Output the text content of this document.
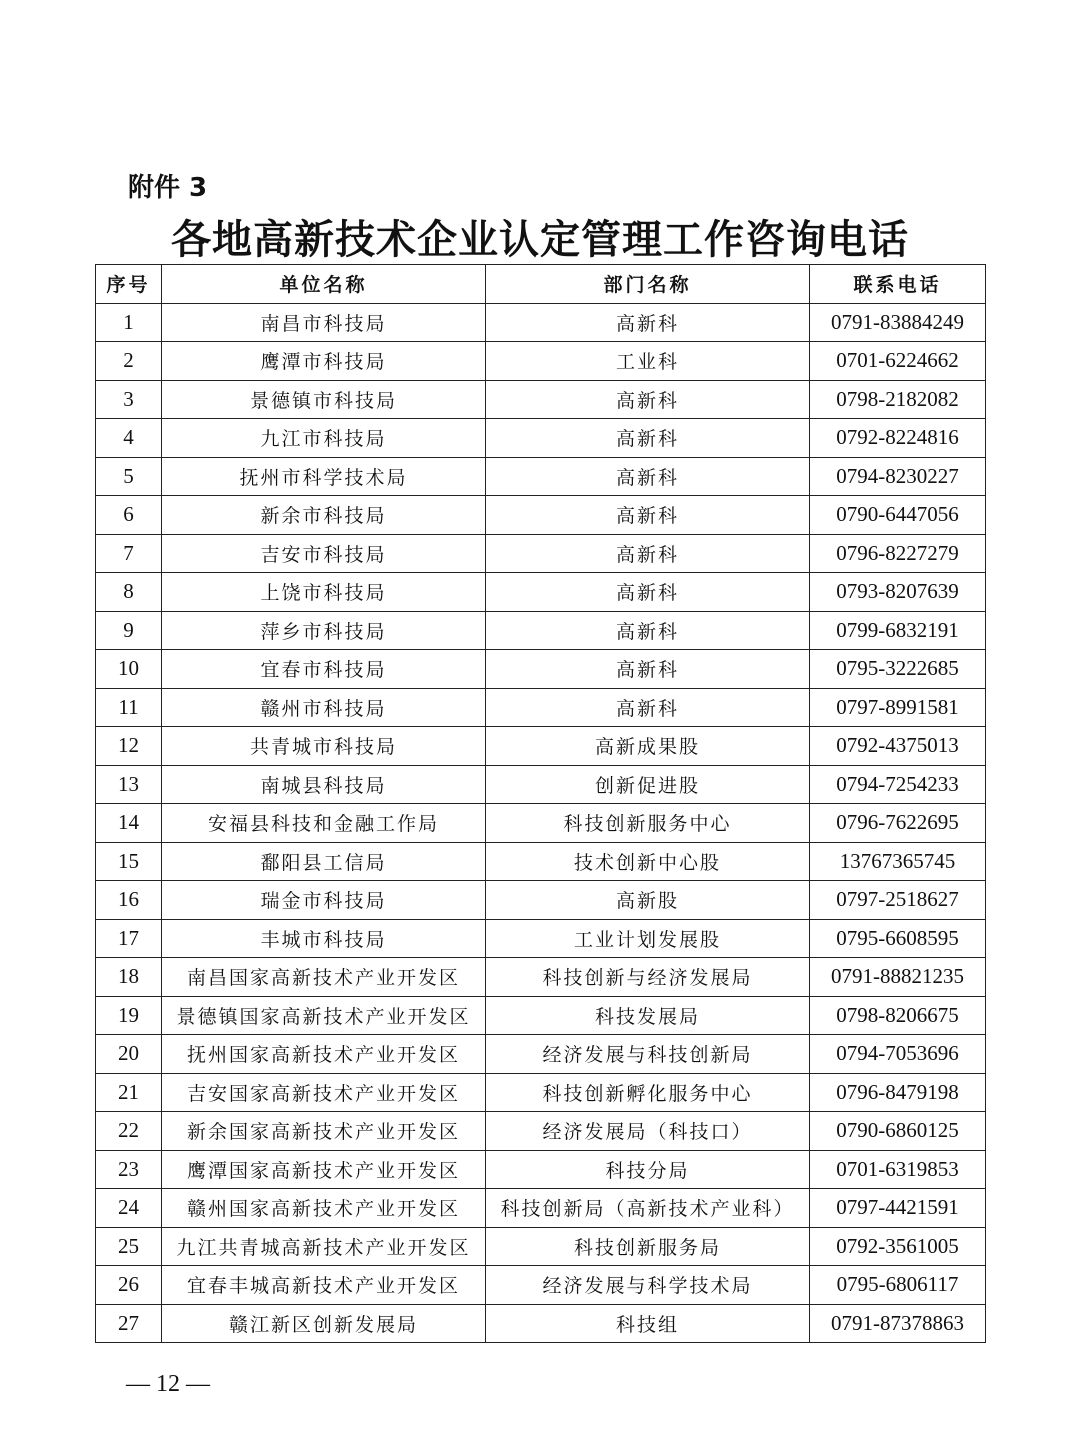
附件 3
各地高新技术企业认定管理工作咨询电话
序号	单位名称	部门名称	联系电话
1	南昌市科技局	高新科	0791-83884249
2	鹰潭市科技局	工业科	0701-6224662
3	景德镇市科技局	高新科	0798-2182082
4	九江市科技局	高新科	0792-8224816
5	抚州市科学技术局	高新科	0794-8230227
6	新余市科技局	高新科	0790-6447056
7	吉安市科技局	高新科	0796-8227279
8	上饶市科技局	高新科	0793-8207639
9	萍乡市科技局	高新科	0799-6832191
10	宜春市科技局	高新科	0795-3222685
11	赣州市科技局	高新科	0797-8991581
12	共青城市科技局	高新成果股	0792-4375013
13	南城县科技局	创新促进股	0794-7254233
14	安福县科技和金融工作局	科技创新服务中心	0796-7622695
15	鄱阳县工信局	技术创新中心股	13767365745
16	瑞金市科技局	高新股	0797-2518627
17	丰城市科技局	工业计划发展股	0795-6608595
18	南昌国家高新技术产业开发区	科技创新与经济发展局	0791-88821235
19	景德镇国家高新技术产业开发区	科技发展局	0798-8206675
20	抚州国家高新技术产业开发区	经济发展与科技创新局	0794-7053696
21	吉安国家高新技术产业开发区	科技创新孵化服务中心	0796-8479198
22	新余国家高新技术产业开发区	经济发展局（科技口）	0790-6860125
23	鹰潭国家高新技术产业开发区	科技分局	0701-6319853
24	赣州国家高新技术产业开发区	科技创新局（高新技术产业科）	0797-4421591
25	九江共青城高新技术产业开发区	科技创新服务局	0792-3561005
26	宜春丰城高新技术产业开发区	经济发展与科学技术局	0795-6806117
27	赣江新区创新发展局	科技组	0791-87378863
— 12 —
